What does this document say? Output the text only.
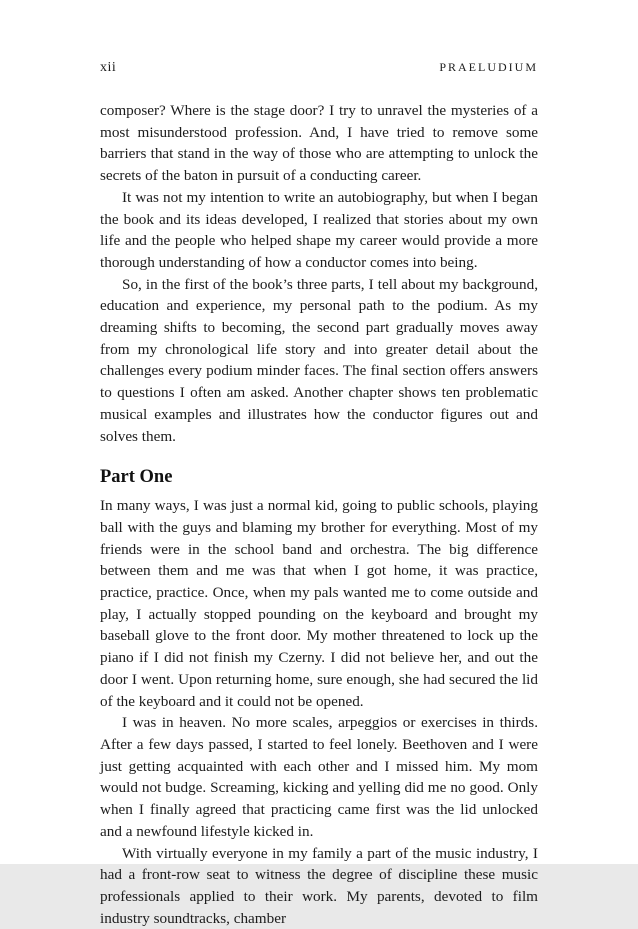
xii	PRAELUDIUM

composer? Where is the stage door? I try to unravel the mysteries of a most misunderstood profession. And, I have tried to remove some barriers that stand in the way of those who are attempting to unlock the secrets of the baton in pursuit of a conducting career.

It was not my intention to write an autobiography, but when I began the book and its ideas developed, I realized that stories about my own life and the people who helped shape my career would provide a more thorough understanding of how a conductor comes into being.

So, in the first of the book’s three parts, I tell about my background, education and experience, my personal path to the podium. As my dreaming shifts to becoming, the second part gradually moves away from my chronological life story and into greater detail about the challenges every podium minder faces. The final section offers answers to questions I often am asked. Another chapter shows ten problematic musical examples and illustrates how the conductor figures out and solves them.

Part One

In many ways, I was just a normal kid, going to public schools, playing ball with the guys and blaming my brother for everything. Most of my friends were in the school band and orchestra. The big difference between them and me was that when I got home, it was practice, practice, practice. Once, when my pals wanted me to come outside and play, I actually stopped pounding on the keyboard and brought my baseball glove to the front door. My mother threatened to lock up the piano if I did not finish my Czerny. I did not believe her, and out the door I went. Upon returning home, sure enough, she had secured the lid of the keyboard and it could not be opened.

I was in heaven. No more scales, arpeggios or exercises in thirds. After a few days passed, I started to feel lonely. Beethoven and I were just getting acquainted with each other and I missed him. My mom would not budge. Screaming, kicking and yelling did me no good. Only when I finally agreed that practicing came first was the lid unlocked and a newfound lifestyle kicked in.

With virtually everyone in my family a part of the music industry, I had a front-row seat to witness the degree of discipline these music professionals applied to their work. My parents, devoted to film industry soundtracks, chamber
